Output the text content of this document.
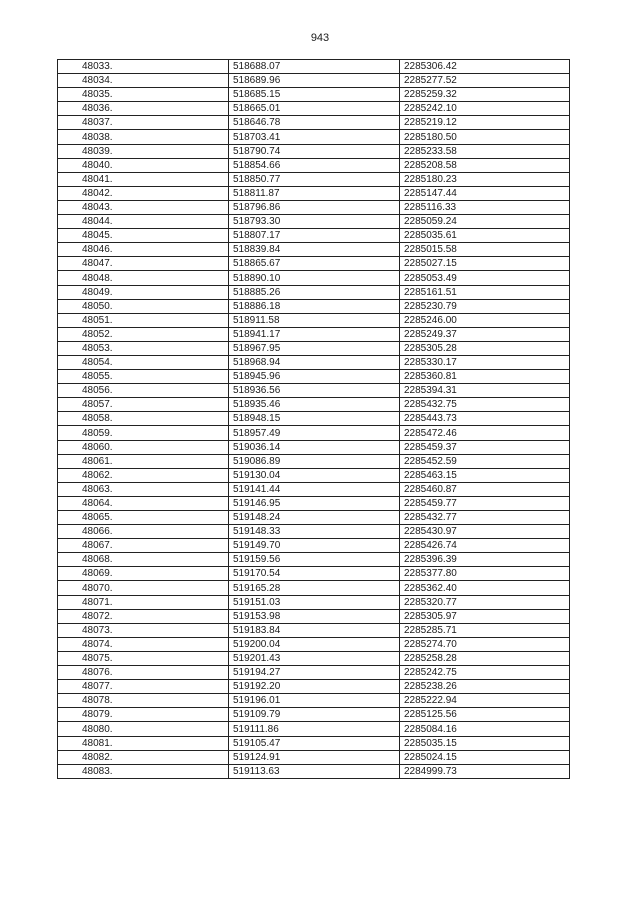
943
48033.	518688.07	2285306.42
48034.	518689.96	2285277.52
48035.	518685.15	2285259.32
48036.	518665.01	2285242.10
48037.	518646.78	2285219.12
48038.	518703.41	2285180.50
48039.	518790.74	2285233.58
48040.	518854.66	2285208.58
48041.	518850.77	2285180.23
48042.	518811.87	2285147.44
48043.	518796.86	2285116.33
48044.	518793.30	2285059.24
48045.	518807.17	2285035.61
48046.	518839.84	2285015.58
48047.	518865.67	2285027.15
48048.	518890.10	2285053.49
48049.	518885.26	2285161.51
48050.	518886.18	2285230.79
48051.	518911.58	2285246.00
48052.	518941.17	2285249.37
48053.	518967.95	2285305.28
48054.	518968.94	2285330.17
48055.	518945.96	2285360.81
48056.	518936.56	2285394.31
48057.	518935.46	2285432.75
48058.	518948.15	2285443.73
48059.	518957.49	2285472.46
48060.	519036.14	2285459.37
48061.	519086.89	2285452.59
48062.	519130.04	2285463.15
48063.	519141.44	2285460.87
48064.	519146.95	2285459.77
48065.	519148.24	2285432.77
48066.	519148.33	2285430.97
48067.	519149.70	2285426.74
48068.	519159.56	2285396.39
48069.	519170.54	2285377.80
48070.	519165.28	2285362.40
48071.	519151.03	2285320.77
48072.	519153.98	2285305.97
48073.	519183.84	2285285.71
48074.	519200.04	2285274.70
48075.	519201.43	2285258.28
48076.	519194.27	2285242.75
48077.	519192.20	2285238.26
48078.	519196.01	2285222.94
48079.	519109.79	2285125.56
48080.	519111.86	2285084.16
48081.	519105.47	2285035.15
48082.	519124.91	2285024.15
48083.	519113.63	2284999.73
